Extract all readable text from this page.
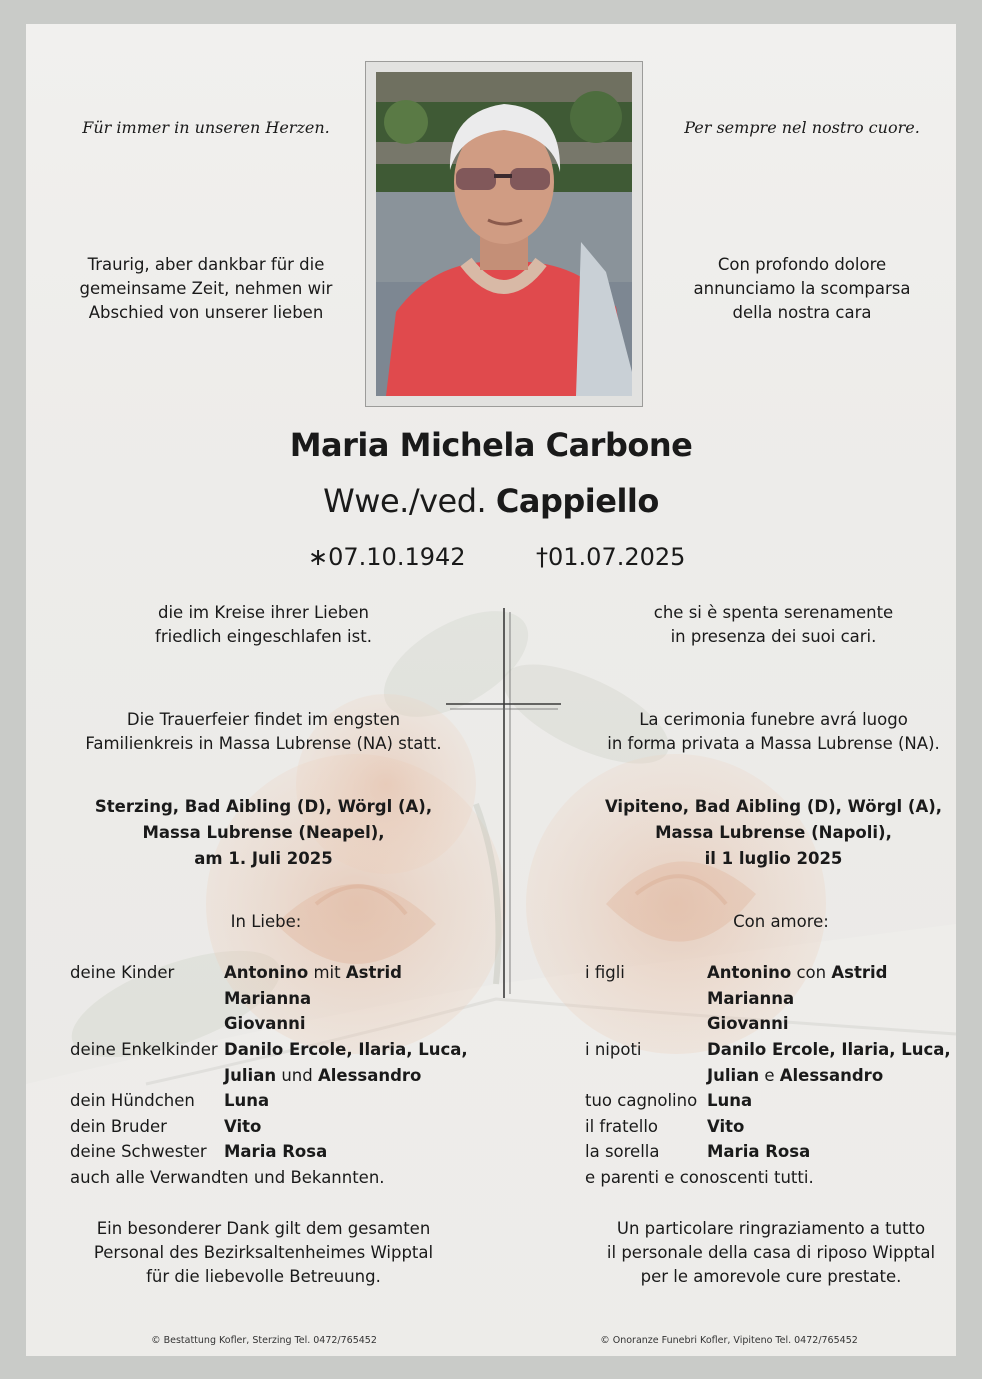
Für immer in unseren Herzen.	Per sempre nel nostro cuore.
Traurig, aber dankbar für die
gemeinsame Zeit, nehmen wir
Abschied von unserer lieben
Con profondo dolore
annunciamo la scomparsa
della nostra cara
Maria Michela Carbone
Wwe./ved. Cappiello
∗07.10.1942	†01.07.2025
die im Kreise ihrer Lieben
friedlich eingeschlafen ist.
che si è spenta serenamente
in presenza dei suoi cari.
Die Trauerfeier findet im engsten
Familienkreis in Massa Lubrense (NA) statt.
La cerimonia funebre avrá luogo
in forma privata a Massa Lubrense (NA).
Sterzing, Bad Aibling (D), Wörgl (A),
Massa Lubrense (Neapel),
am 1. Juli 2025
Vipiteno, Bad Aibling (D), Wörgl (A),
Massa Lubrense (Napoli),
il 1 luglio 2025
In Liebe:	Con amore:
deine Kinder	Antonino mit Astrid
Marianna
Giovanni
deine Enkelkinder Danilo Ercole, Ilaria, Luca,
Julian und Alessandro
dein Hündchen Luna
dein Bruder	Vito
deine Schwester Maria Rosa
auch alle Verwandten und Bekannten.
i figli	Antonino con Astrid
Marianna
Giovanni
i nipoti	Danilo Ercole, Ilaria, Luca,
Julian e Alessandro
tuo cagnolino Luna
il fratello	Vito
la sorella	Maria Rosa
e parenti e conoscenti tutti.
Ein besonderer Dank gilt dem gesamten
Personal des Bezirksaltenheimes Wipptal
für die liebevolle Betreuung.
Un particolare ringraziamento a tutto
il personale della casa di riposo Wipptal
per le amorevole cure prestate.
© Bestattung Kofler, Sterzing Tel. 0472/765452	© Onoranze Funebri Kofler, Vipiteno Tel. 0472/765452
